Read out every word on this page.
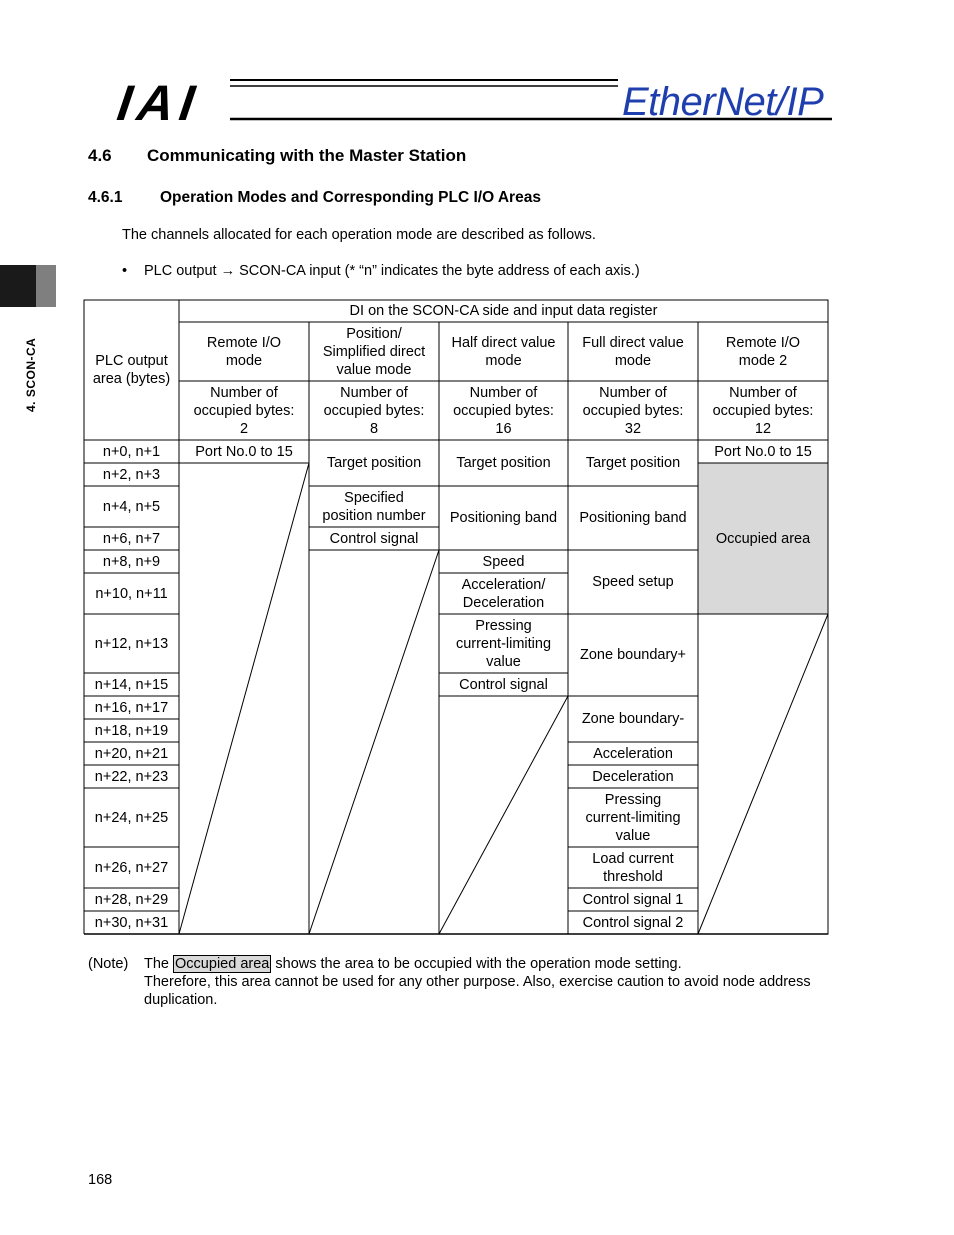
IAI	EtherNet/IP
4. SCON-CA
4.6 Communicating with the Master Station
4.6.1 Operation Modes and Corresponding PLC I/O Areas
The channels allocated for each operation mode are described as follows.
• PLC output → SCON-CA input (* “n” indicates the byte address of each axis.)
PLC output
area (bytes)
DI on the SCON-CA side and input data register
Remote I/O
mode
Number of
occupied bytes:
2
Position/
Simplified direct
value mode
Number of
occupied bytes:
8
Half direct value
mode
Number of
occupied bytes:
16
Full direct value
mode
Number of
occupied bytes:
32
Remote I/O
mode 2
Number of
occupied bytes:
12
n+0, n+1
n+2, n+3
n+4, n+5
n+6, n+7
n+8, n+9
n+10, n+11
n+12, n+13
n+14, n+15
n+16, n+17
n+18, n+19
n+20, n+21
n+22, n+23
n+24, n+25
n+26, n+27
n+28, n+29
n+30, n+31
Port No.0 to 15
Target position
Specified
position number
Control signal
Target position
Positioning band
Speed
Acceleration/
Deceleration
Pressing
current-limiting
value
Control signal
Target position
Positioning band
Speed setup
Zone boundary+
Zone boundary-
Acceleration
Deceleration
Pressing
current-limiting
value
Load current
threshold
Control signal 1
Control signal 2
Port No.0 to 15
Occupied area
(Note) The Occupied area shows the area to be occupied with the operation mode setting.
Therefore, this area cannot be used for any other purpose. Also, exercise caution to avoid node address
duplication.
168
